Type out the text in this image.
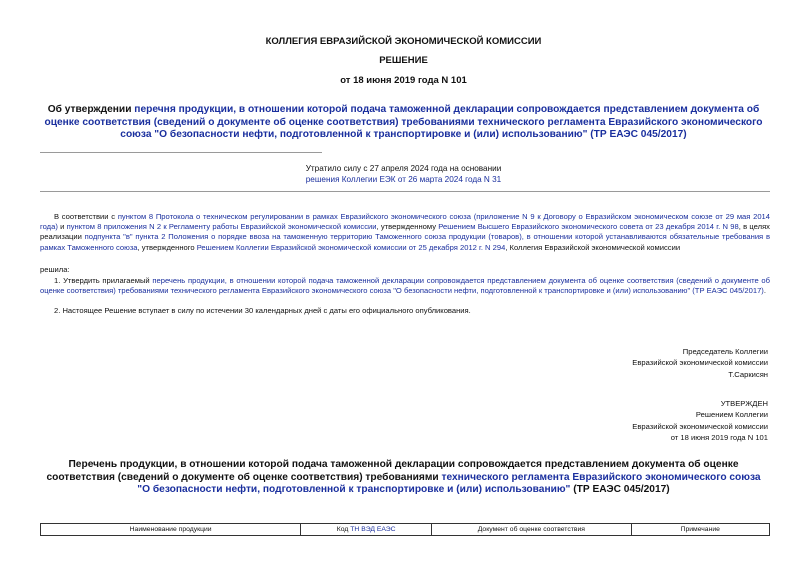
КОЛЛЕГИЯ ЕВРАЗИЙСКОЙ ЭКОНОМИЧЕСКОЙ КОМИССИИ
РЕШЕНИЕ
от 18 июня 2019 года N 101
Об утверждении перечня продукции, в отношении которой подача таможенной декларации сопровождается представлением документа об оценке соответствия (сведений о документе об оценке соответствия) требованиями технического регламента Евразийского экономического союза "О безопасности нефти, подготовленной к транспортировке и (или) использованию" (ТР ЕАЭС 045/2017)
Утратило силу с 27 апреля 2024 года на основании
решения Коллегии ЕЭК от 26 марта 2024 года N 31
В соответствии с пунктом 8 Протокола о техническом регулировании в рамках Евразийского экономического союза (приложение N 9 к Договору о Евразийском экономическом союзе от 29 мая 2014 года) и пунктом 8 приложения N 2 к Регламенту работы Евразийской экономической комиссии, утвержденному Решением Высшего Евразийского экономического совета от 23 декабря 2014 г. N 98, в целях реализации подпункта "в" пункта 2 Положения о порядке ввоза на таможенную территорию Таможенного союза продукции (товаров), в отношении которой устанавливаются обязательные требования в рамках Таможенного союза, утвержденного Решением Коллегии Евразийской экономической комиссии от 25 декабря 2012 г. N 294, Коллегия Евразийской экономической комиссии
решила:
1. Утвердить прилагаемый перечень продукции, в отношении которой подача таможенной декларации сопровождается представлением документа об оценке соответствия (сведений о документе об оценке соответствия) требованиями технического регламента Евразийского экономического союза "О безопасности нефти, подготовленной к транспортировке и (или) использованию" (ТР ЕАЭС 045/2017).
2. Настоящее Решение вступает в силу по истечении 30 календарных дней с даты его официального опубликования.
Председатель Коллегии
Евразийской экономической комиссии
Т.Саркисян
УТВЕРЖДЕН
Решением Коллегии
Евразийской экономической комиссии
от 18 июня 2019 года N 101
Перечень продукции, в отношении которой подача таможенной декларации сопровождается представлением документа об оценке соответствия (сведений о документе об оценке соответствия) требованиями технического регламента Евразийского экономического союза "О безопасности нефти, подготовленной к транспортировке и (или) использованию" (ТР ЕАЭС 045/2017)
Наименование продукции	Код ТН ВЭД ЕАЭС	Документ об оценке соответствия	Примечание
